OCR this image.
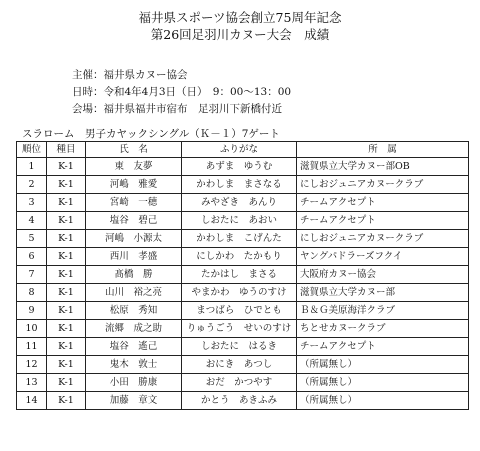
福井県スポーツ協会創立75周年記念
第26回足羽川カヌー大会　成績
主催：福井県カヌー協会
日時：令和4年4月3日（日）　9：00〜13：00
会場：福井県福井市宿布　足羽川下新橋付近
スラローム　男子カヤックシングル（Ｋ－１）7ゲート
順位	種目	氏　名	ふりがな	所　属
1	K-1	東　友夢	あずま　ゆうむ	滋賀県立大学カヌー部OB
2	K-1	河嶋　雅愛	かわしま　まさなる	にしおジュニアカヌークラブ
3	K-1	宮崎　一穂	みやざき　あんり	チームアクセプト
4	K-1	塩谷　碧己	しおたに　あおい	チームアクセプト
5	K-1	河嶋　小源太	かわしま　こげんた	にしおジュニアカヌークラブ
6	K-1	西川　孝盛	にしかわ　たかもり	ヤングパドラーズフクイ
7	K-1	髙橋　勝	たかはし　まさる	大阪府カヌー協会
8	K-1	山川　裕之亮	やまかわ　ゆうのすけ	滋賀県立大学カヌー部
9	K-1	松原　秀知	まつばら　ひでとも	Ｂ＆Ｇ美原海洋クラブ
10	K-1	流郷　成之助	りゅうごう　せいのすけ	ちとせカヌークラブ
11	K-1	塩谷　遙己	しおたに　はるき	チームアクセプト
12	K-1	鬼木　敦士	おにき　あつし	（所属無し）
13	K-1	小田　勝康	おだ　かつやす	（所属無し）
14	K-1	加藤　章文	かとう　あきふみ	（所属無し）
